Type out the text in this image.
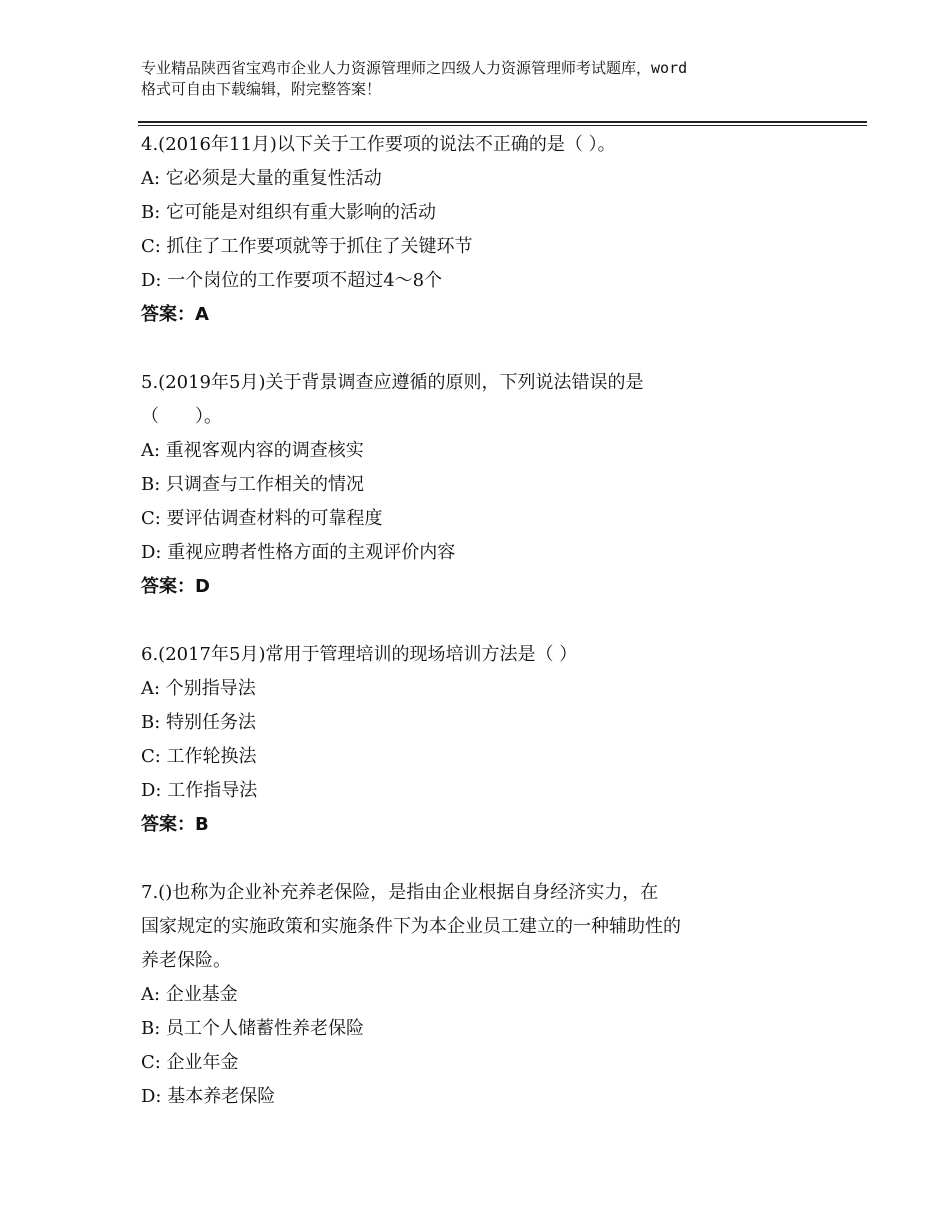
专业精品陕西省宝鸡市企业人力资源管理师之四级人力资源管理师考试题库，word
格式可自由下载编辑，附完整答案！
4.(2016年11月)以下关于工作要项的说法不正确的是（ ）。
A: 它必须是大量的重复性活动
B: 它可能是对组织有重大影响的活动
C: 抓住了工作要项就等于抓住了关键环节
D: 一个岗位的工作要项不超过4～8个
答案：A
5.(2019年5月)关于背景调查应遵循的原则，下列说法错误的是
（　　）。
A: 重视客观内容的调查核实
B: 只调查与工作相关的情况
C: 要评估调查材料的可靠程度
D: 重视应聘者性格方面的主观评价内容
答案：D
6.(2017年5月)常用于管理培训的现场培训方法是（ ）
A: 个别指导法
B: 特别任务法
C: 工作轮换法
D: 工作指导法
答案：B
7.()也称为企业补充养老保险，是指由企业根据自身经济实力，在
国家规定的实施政策和实施条件下为本企业员工建立的一种辅助性的
养老保险。
A: 企业基金
B: 员工个人储蓄性养老保险
C: 企业年金
D: 基本养老保险
